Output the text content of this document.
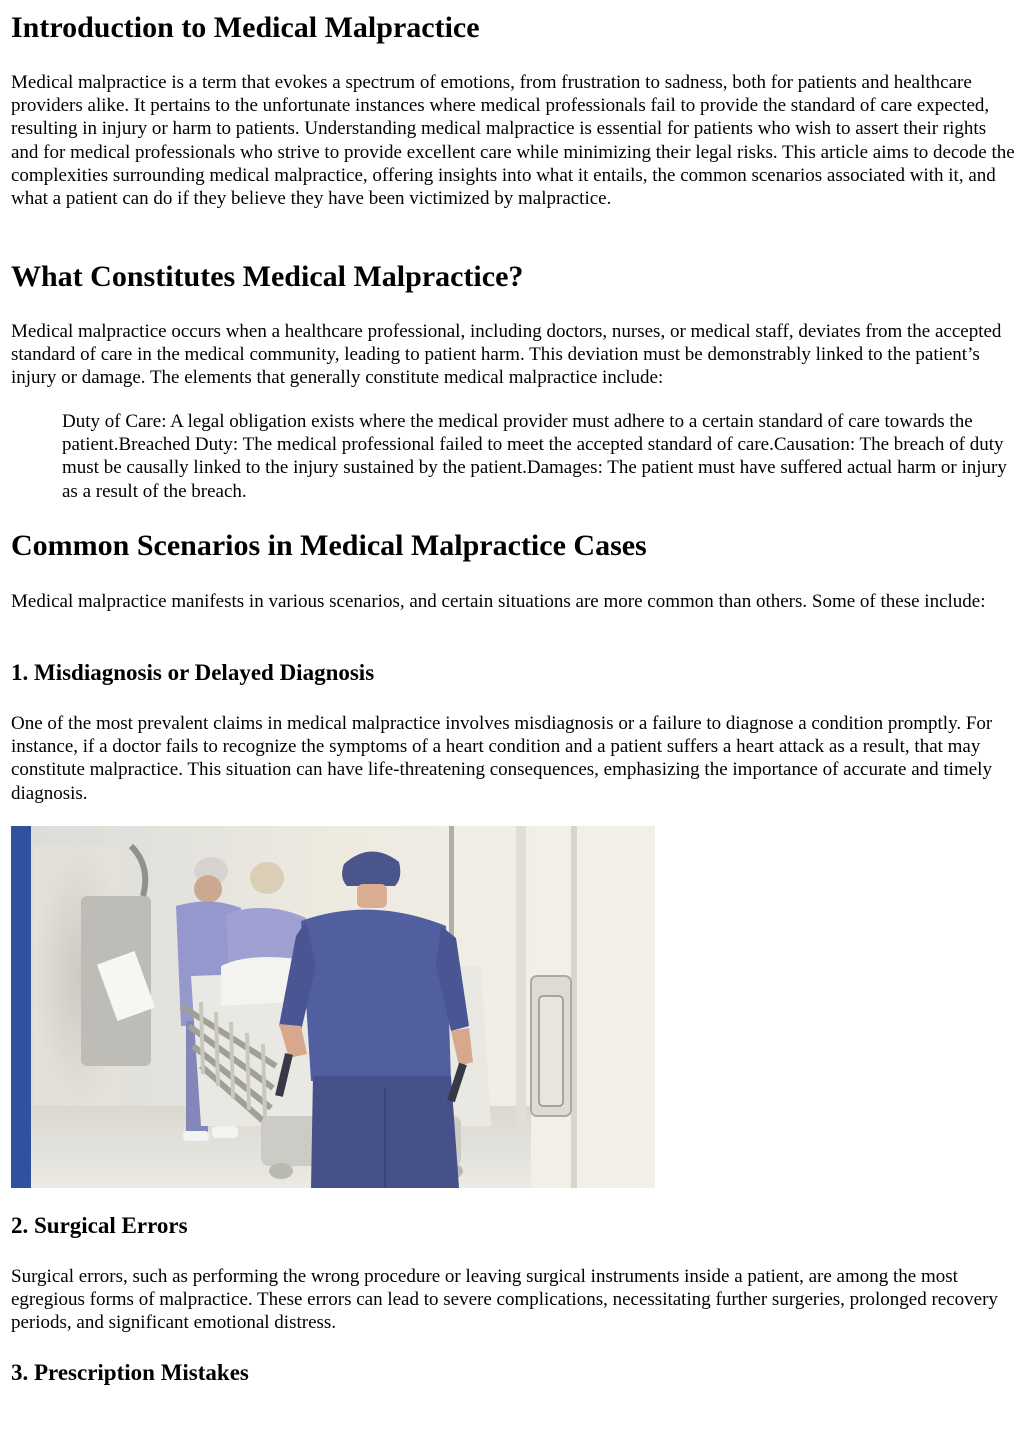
Introduction to Medical Malpractice

Medical malpractice is a term that evokes a spectrum of emotions, from frustration to sadness, both for patients and healthcare providers alike. It pertains to the unfortunate instances where medical professionals fail to provide the standard of care expected, resulting in injury or harm to patients. Understanding medical malpractice is essential for patients who wish to assert their rights and for medical professionals who strive to provide excellent care while minimizing their legal risks. This article aims to decode the complexities surrounding medical malpractice, offering insights into what it entails, the common scenarios associated with it, and what a patient can do if they believe they have been victimized by malpractice.

What Constitutes Medical Malpractice?

Medical malpractice occurs when a healthcare professional, including doctors, nurses, or medical staff, deviates from the accepted standard of care in the medical community, leading to patient harm. This deviation must be demonstrably linked to the patient’s injury or damage. The elements that generally constitute medical malpractice include:

Duty of Care: A legal obligation exists where the medical provider must adhere to a certain standard of care towards the patient.Breached Duty: The medical professional failed to meet the accepted standard of care.Causation: The breach of duty must be causally linked to the injury sustained by the patient.Damages: The patient must have suffered actual harm or injury as a result of the breach.
Common Scenarios in Medical Malpractice Cases

Medical malpractice manifests in various scenarios, and certain situations are more common than others. Some of these include:

1. Misdiagnosis or Delayed Diagnosis

One of the most prevalent claims in medical malpractice involves misdiagnosis or a failure to diagnose a condition promptly. For instance, if a doctor fails to recognize the symptoms of a heart condition and a patient suffers a heart attack as a result, that may constitute malpractice. This situation can have life-threatening consequences, emphasizing the importance of accurate and timely diagnosis.

2. Surgical Errors

Surgical errors, such as performing the wrong procedure or leaving surgical instruments inside a patient, are among the most egregious forms of malpractice. These errors can lead to severe complications, necessitating further surgeries, prolonged recovery periods, and significant emotional distress.

3. Prescription Mistakes
